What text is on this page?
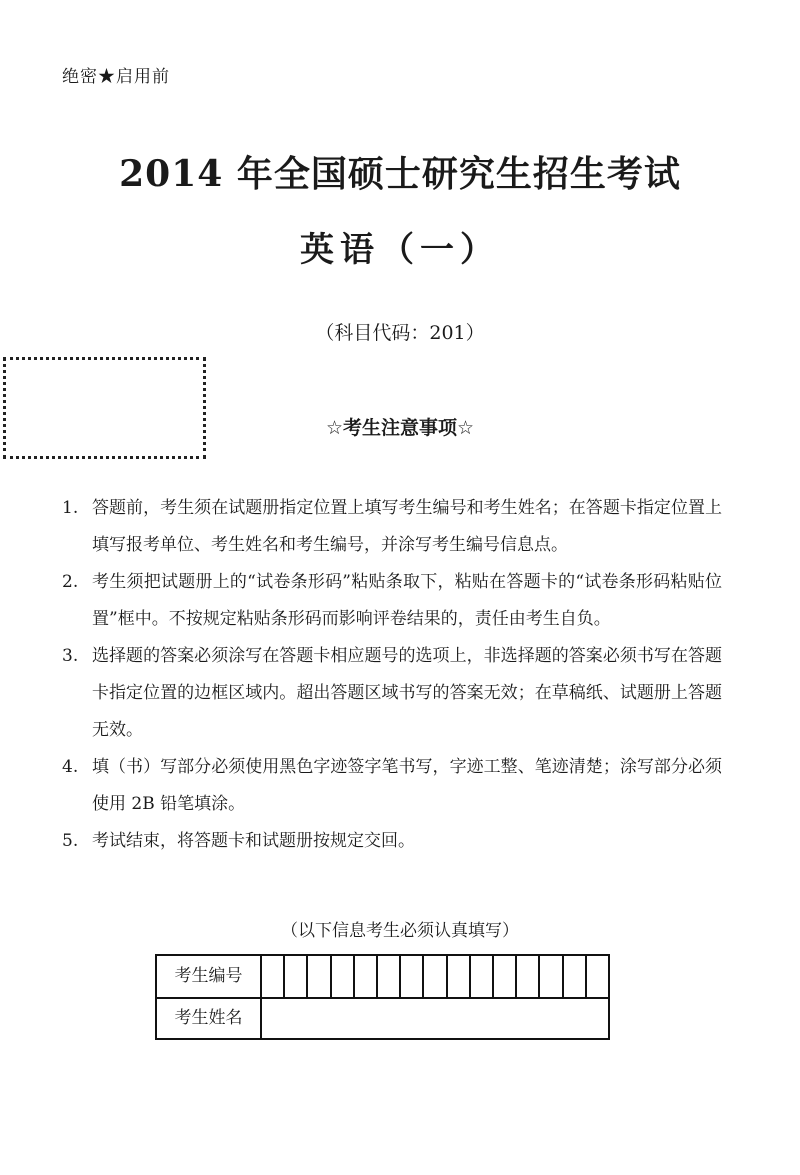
绝密★启用前
2014 年全国硕士研究生招生考试
英语（一）
（科目代码：201）
☆考生注意事项☆
1. 答题前，考生须在试题册指定位置上填写考生编号和考生姓名；在答题卡指定位置上填写报考单位、考生姓名和考生编号，并涂写考生编号信息点。
2. 考生须把试题册上的“试卷条形码”粘贴条取下，粘贴在答题卡的“试卷条形码粘贴位置”框中。不按规定粘贴条形码而影响评卷结果的，责任由考生自负。
3. 选择题的答案必须涂写在答题卡相应题号的选项上，非选择题的答案必须书写在答题卡指定位置的边框区域内。超出答题区域书写的答案无效；在草稿纸、试题册上答题无效。
4. 填（书）写部分必须使用黑色字迹签字笔书写，字迹工整、笔迹清楚；涂写部分必须使用 2B 铅笔填涂。
5. 考试结束，将答题卡和试题册按规定交回。
（以下信息考生必须认真填写）
考生编号
考生姓名
